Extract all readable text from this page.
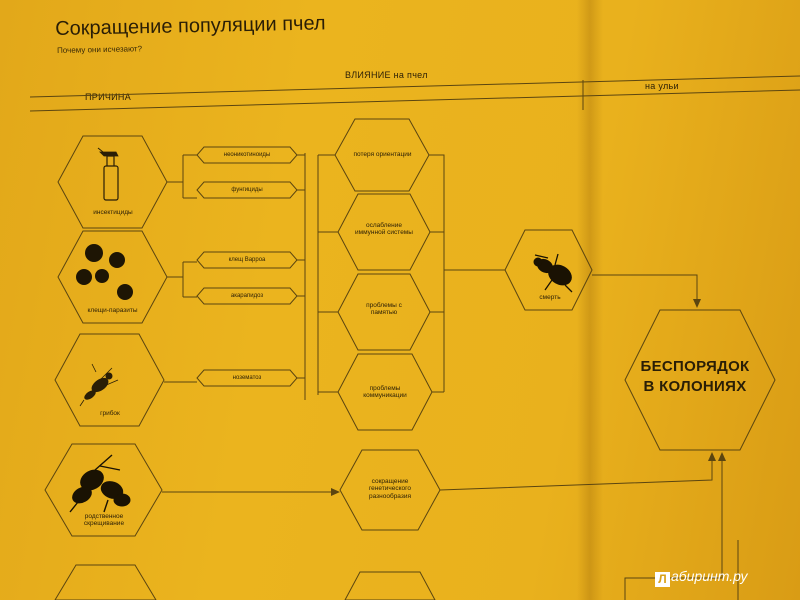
Сокращение популяции пчел
Почему они исчезают?
ПРИЧИНА
ВЛИЯНИЕ на пчел
на ульи
инсектициды
клещи-паразиты
грибок
родственное скрещивание
потеря ориентации
ослабление иммунной системы
проблемы с памятью
проблемы коммуникации
сокращение генетического разнообразия
смерть
неоникотиноиды
фунгициды
клещ Варроа
акарапидоз
нозематоз
БЕСПОРЯДОК
В КОЛОНИЯХ
Л абиринт.ру
